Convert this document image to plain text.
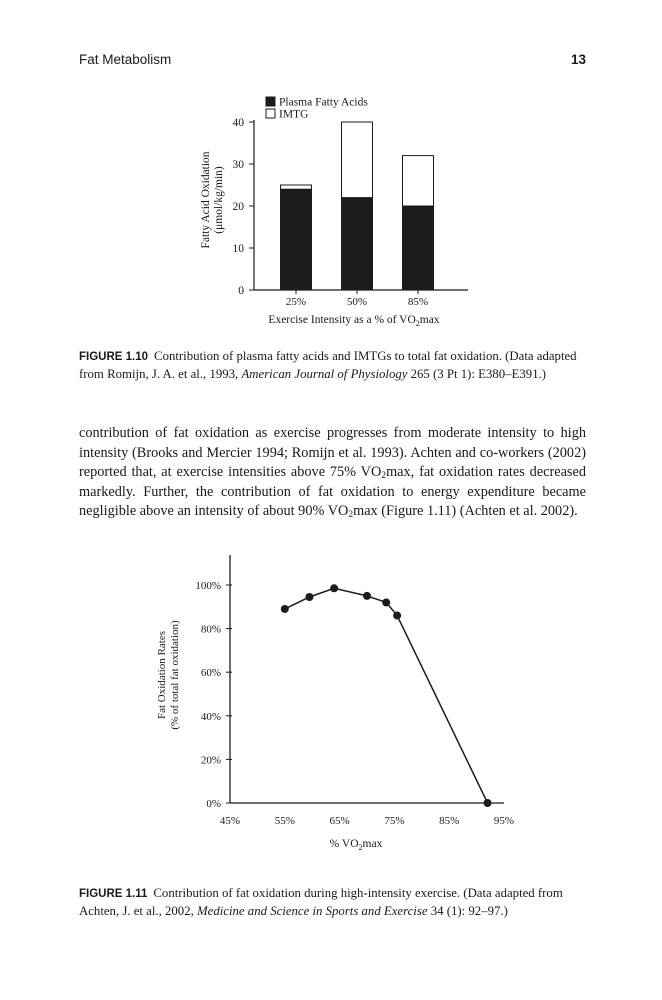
Fat Metabolism	13
Plasma Fatty Acids
IMTG
0
10
20
30
40
25%	50%	85%
Fatty Acid Oxidation (μmol/kg/min)
Exercise Intensity as a % of $VO_2\max$
FIGURE 1.10 Contribution of plasma fatty acids and IMTGs to total fat oxidation. (Data adapted from Romijn, J. A. et al., 1993, American Journal of Physiology 265 (3 Pt 1): E380–E391.)
contribution of fat oxidation as exercise progresses from moderate intensity to high intensity (Brooks and Mercier 1994; Romijn et al. 1993). Achten and co-workers (2002) reported that, at exercise intensities above 75% $VO_2\max$, fat oxidation rates decreased markedly. Further, the contribution of fat oxidation to energy expenditure became negligible above an intensity of about 90% $VO_2\max$ (Figure 1.11) (Achten et al. 2002).
0%
20%
40%
60%
80%
100%
45%	55%	65%	75%	85%	95%
Fat Oxidation Rates (% of total fat oxidation)
% $VO_2\max$
FIGURE 1.11 Contribution of fat oxidation during high-intensity exercise. (Data adapted from Achten, J. et al., 2002, Medicine and Science in Sports and Exercise 34 (1): 92–97.)
